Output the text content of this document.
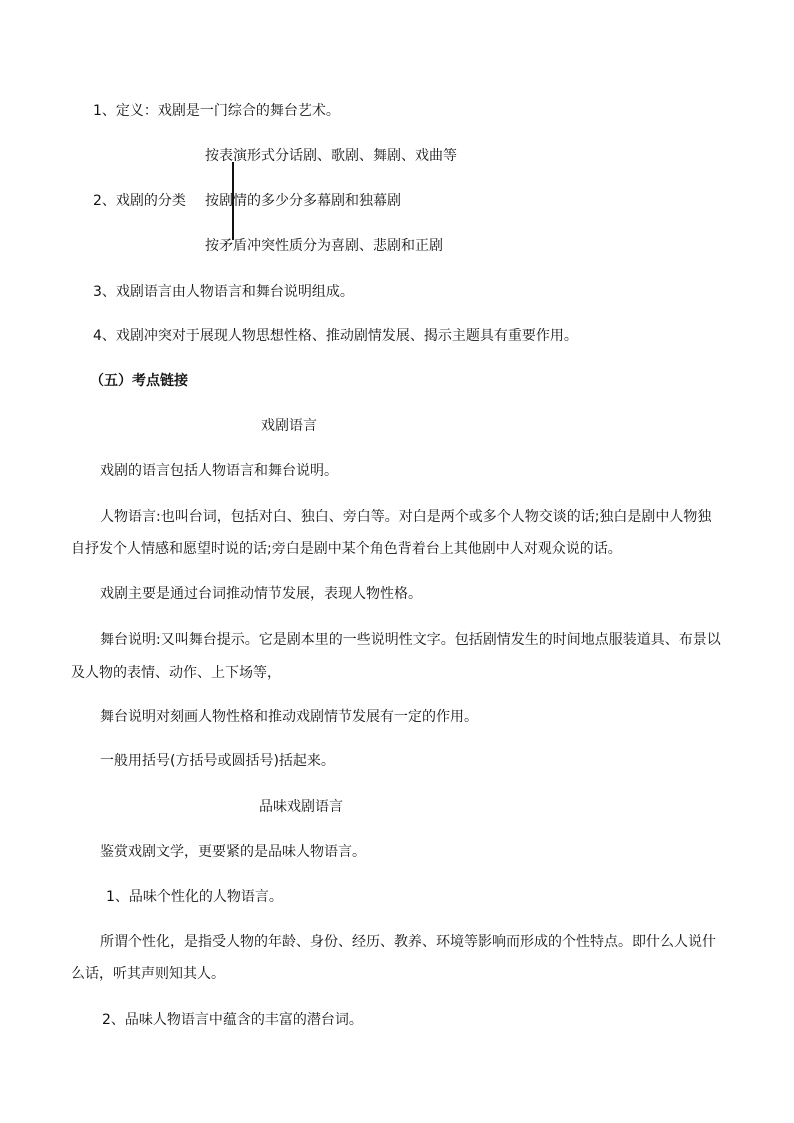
1、定义：戏剧是一门综合的舞台艺术。
按表演形式分话剧、歌剧、舞剧、戏曲等
2、戏剧的分类 按剧情的多少分多幕剧和独幕剧
按矛盾冲突性质分为喜剧、悲剧和正剧
3、戏剧语言由人物语言和舞台说明组成。
4、戏剧冲突对于展现人物思想性格、推动剧情发展、揭示主题具有重要作用。
（五）考点链接
戏剧语言
戏剧的语言包括人物语言和舞台说明。
人物语言:也叫台词，包括对白、独白、旁白等。对白是两个或多个人物交谈的话;独白是剧中人物独
自抒发个人情感和愿望时说的话;旁白是剧中某个角色背着台上其他剧中人对观众说的话。
戏剧主要是通过台词推动情节发展，表现人物性格。
舞台说明:又叫舞台提示。它是剧本里的一些说明性文字。包括剧情发生的时间地点服装道具、布景以
及人物的表情、动作、上下场等，
舞台说明对刻画人物性格和推动戏剧情节发展有一定的作用。
一般用括号(方括号或圆括号)括起来。
品味戏剧语言
鉴赏戏剧文学，更要紧的是品味人物语言。
1、品味个性化的人物语言。
所谓个性化，是指受人物的年龄、身份、经历、教养、环境等影响而形成的个性特点。即什么人说什
么话，听其声则知其人。
2、品味人物语言中蕴含的丰富的潜台词。
